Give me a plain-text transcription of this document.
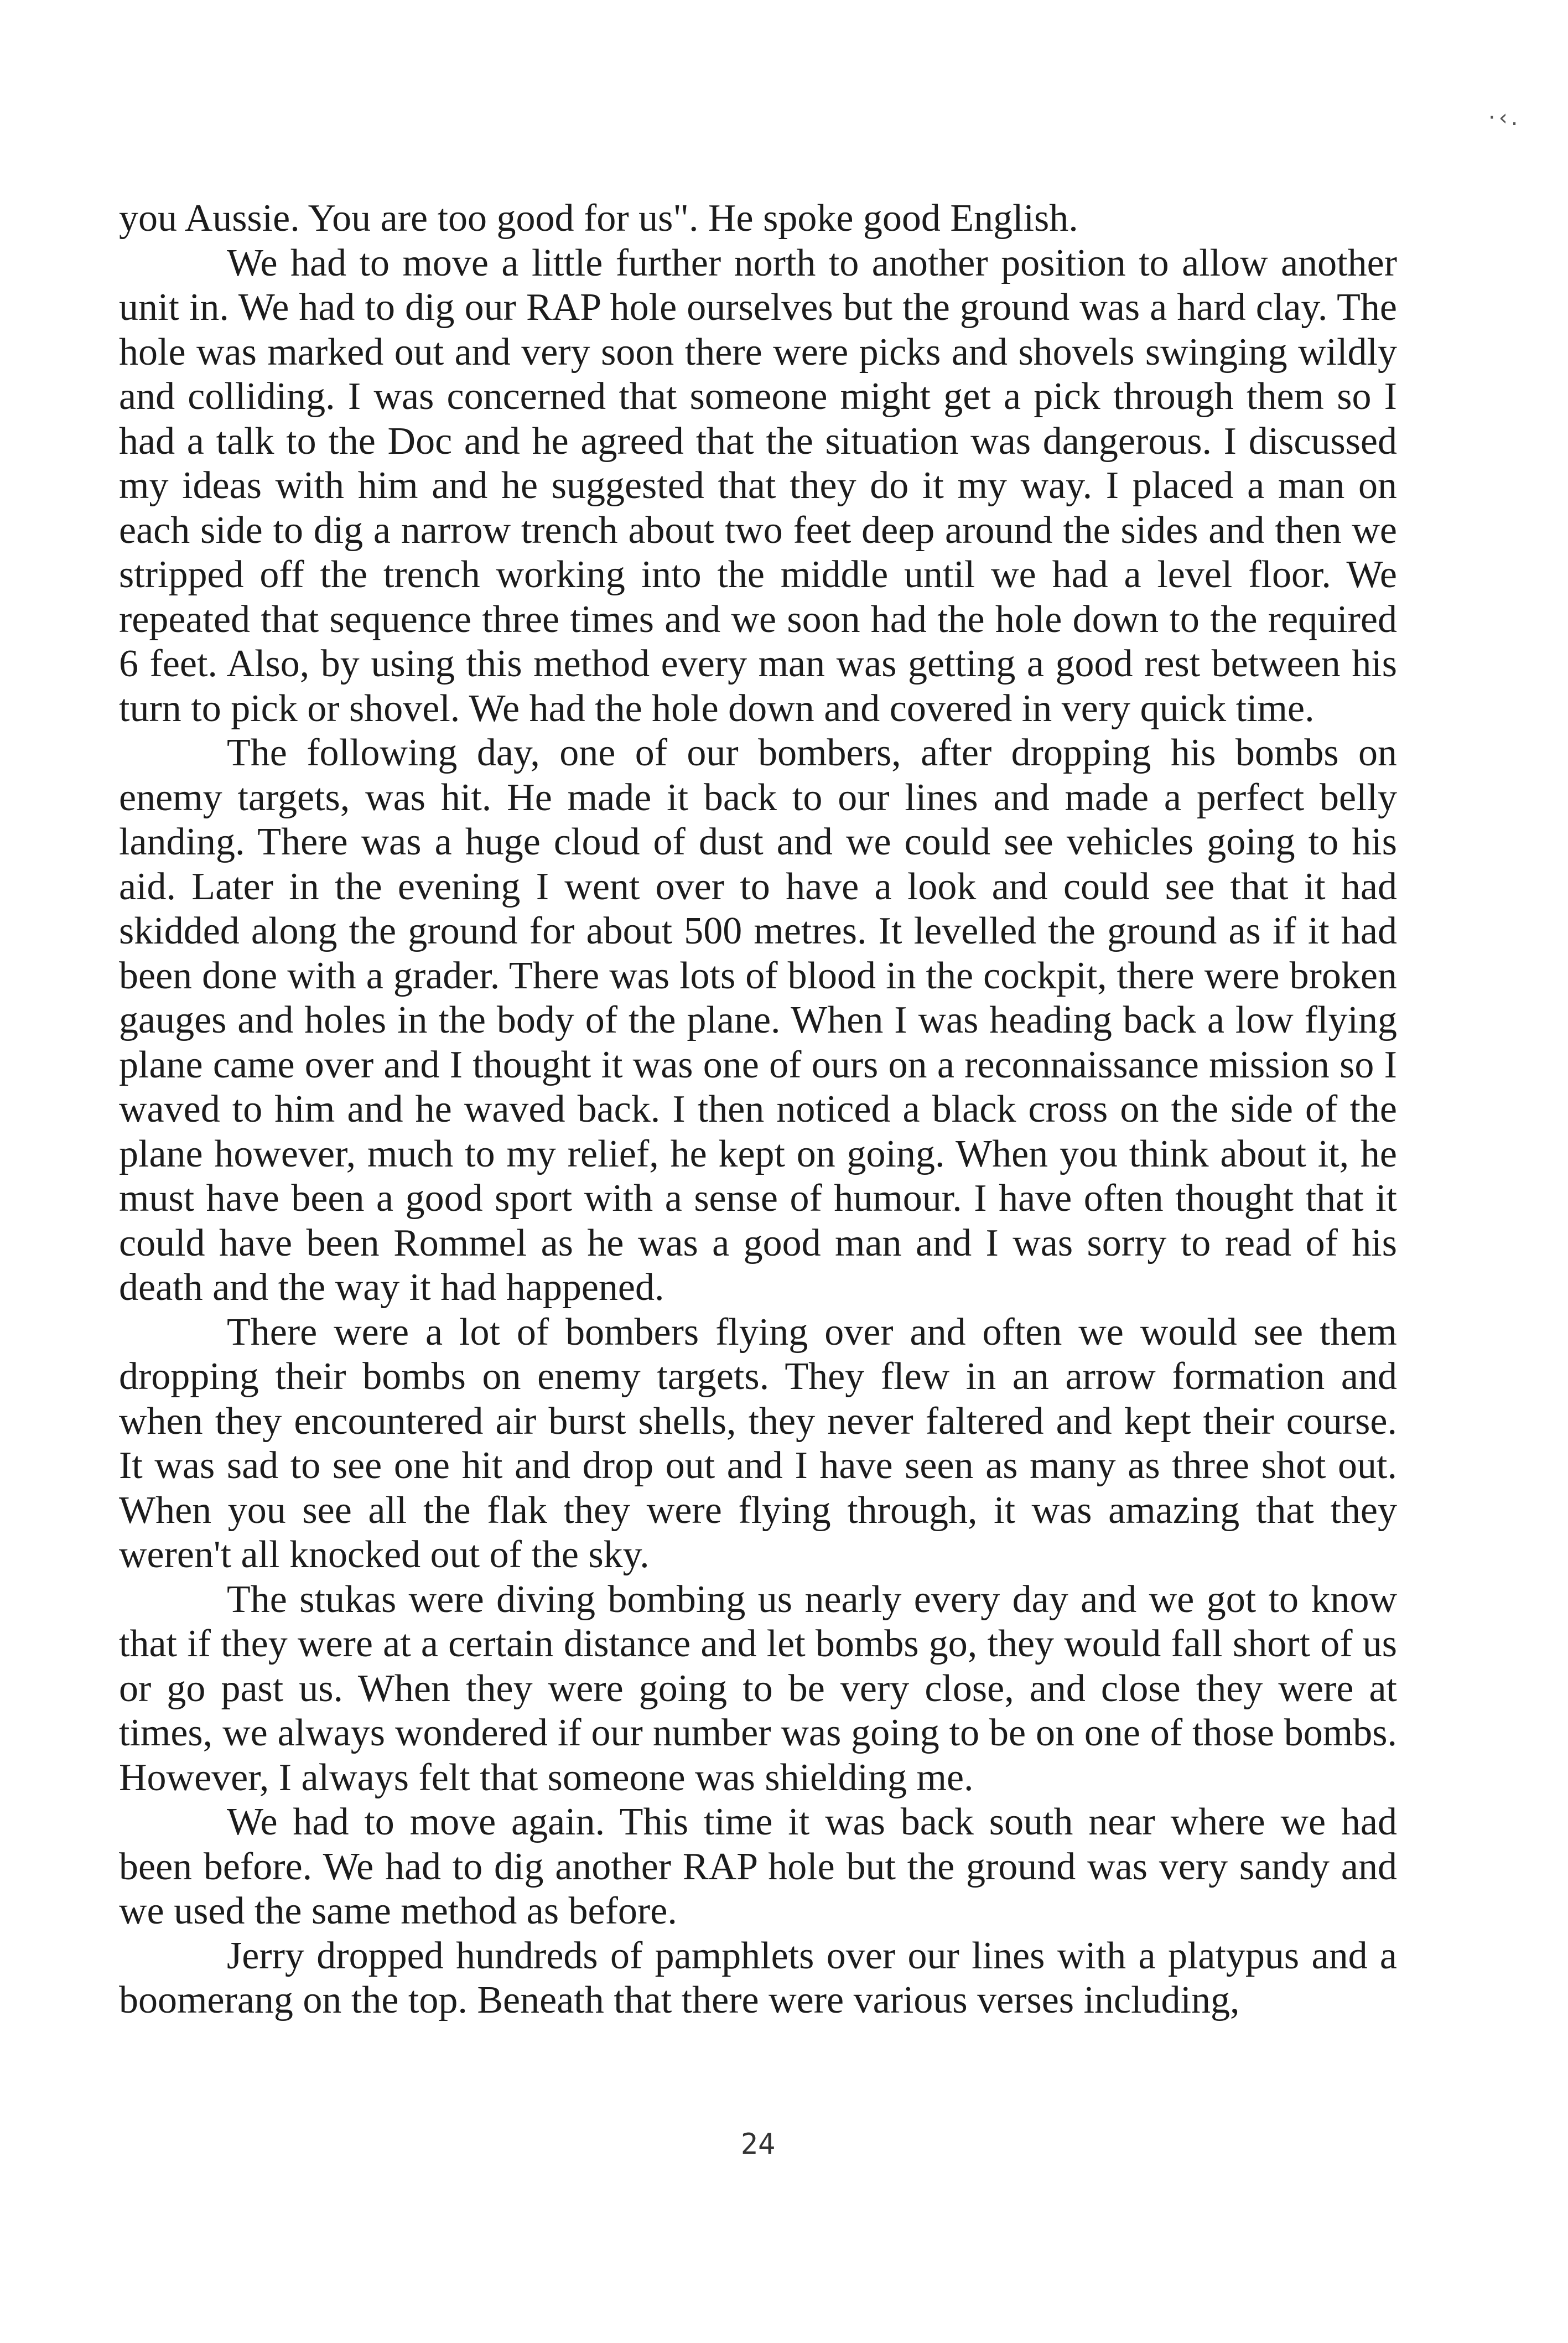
·‹.

you Aussie. You are too good for us". He spoke good English.

We had to move a little further north to another position to allow another unit in. We had to dig our RAP hole ourselves but the ground was a hard clay. The hole was marked out and very soon there were picks and shovels swinging wildly and colliding. I was concerned that someone might get a pick through them so I had a talk to the Doc and he agreed that the situation was dangerous. I discussed my ideas with him and he suggested that they do it my way. I placed a man on each side to dig a narrow trench about two feet deep around the sides and then we stripped off the trench working into the middle until we had a level floor. We repeated that sequence three times and we soon had the hole down to the required 6 feet. Also, by using this method every man was getting a good rest between his turn to pick or shovel. We had the hole down and covered in very quick time.

The following day, one of our bombers, after dropping his bombs on enemy targets, was hit. He made it back to our lines and made a perfect belly landing. There was a huge cloud of dust and we could see vehicles going to his aid. Later in the evening I went over to have a look and could see that it had skidded along the ground for about 500 metres. It levelled the ground as if it had been done with a grader. There was lots of blood in the cockpit, there were broken gauges and holes in the body of the plane. When I was heading back a low flying plane came over and I thought it was one of ours on a reconnaissance mission so I waved to him and he waved back. I then noticed a black cross on the side of the plane however, much to my relief, he kept on going. When you think about it, he must have been a good sport with a sense of humour. I have often thought that it could have been Rommel as he was a good man and I was sorry to read of his death and the way it had happened.

There were a lot of bombers flying over and often we would see them dropping their bombs on enemy targets. They flew in an arrow formation and when they encountered air burst shells, they never faltered and kept their course. It was sad to see one hit and drop out and I have seen as many as three shot out. When you see all the flak they were flying through, it was amazing that they weren't all knocked out of the sky.

The stukas were diving bombing us nearly every day and we got to know that if they were at a certain distance and let bombs go, they would fall short of us or go past us. When they were going to be very close, and close they were at times, we always wondered if our number was going to be on one of those bombs. However, I always felt that someone was shielding me.

We had to move again. This time it was back south near where we had been before. We had to dig another RAP hole but the ground was very sandy and we used the same method as before.

Jerry dropped hundreds of pamphlets over our lines with a platypus and a boomerang on the top. Beneath that there were various verses including,

24
